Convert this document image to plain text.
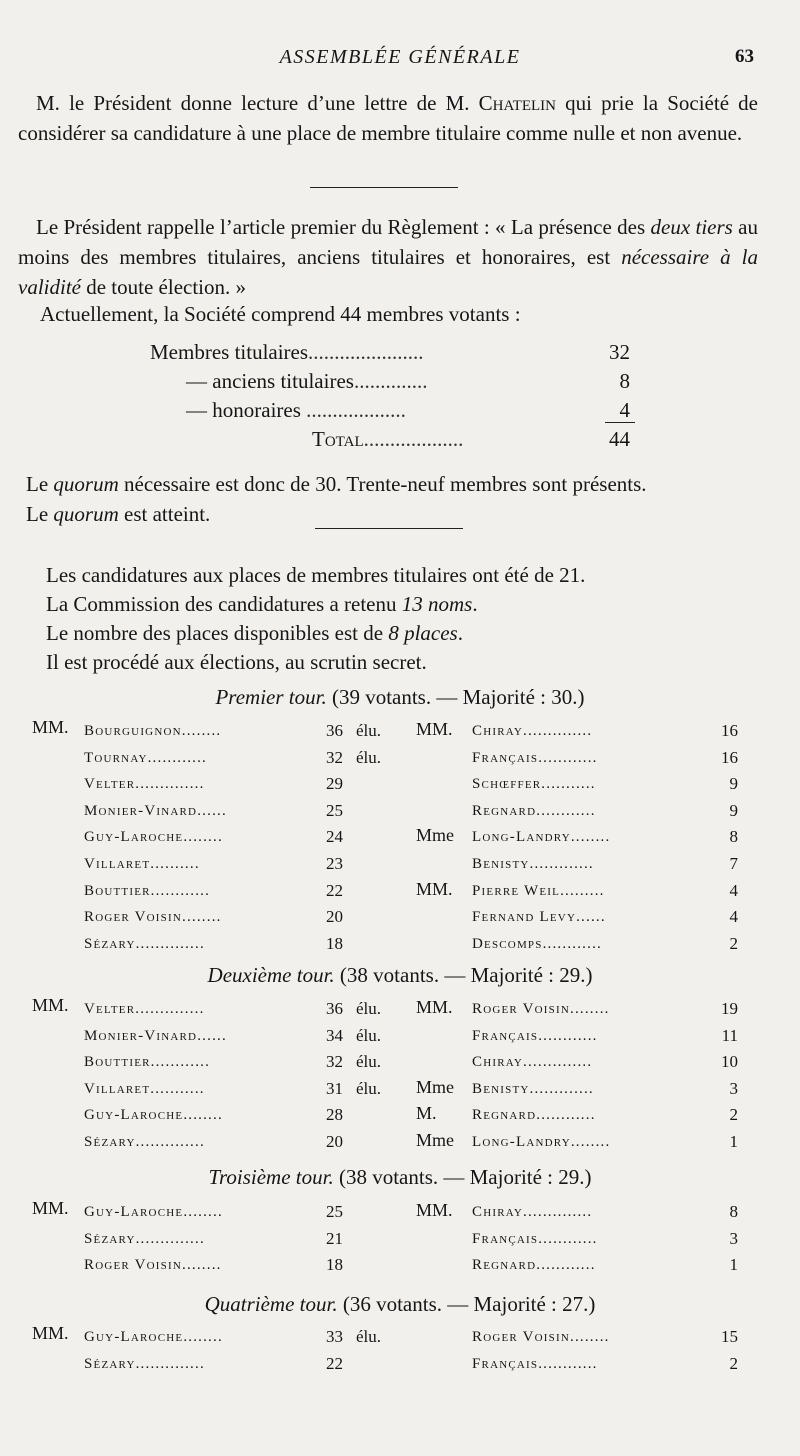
ASSEMBLÉE GÉNÉRALE	63

M. le Président donne lecture d’une lettre de M. Chatelin qui prie la Société de considérer sa candidature à une place de membre titulaire comme nulle et non avenue.

Le Président rappelle l’article premier du Règlement : « La présence des deux tiers au moins des membres titulaires, anciens titulaires et honoraires, est nécessaire à la validité de toute élection. »

Actuellement, la Société comprend 44 membres votants :

Membres titulaires......................	32
— anciens titulaires..............	8
— honoraires ...................	4
Total...................	44
Le quorum nécessaire est donc de 30. Trente-neuf membres sont présents.
Le quorum est atteint.
Les candidatures aux places de membres titulaires ont été de 21.
La Commission des candidatures a retenu 13 noms.
Le nombre des places disponibles est de 8 places.
Il est procédé aux élections, au scrutin secret.
Premier tour. (39 votants. — Majorité : 30.)
MM. Bourguignon........	36 élu.
Tournay............	32 élu.
Velter..............	29
Monier-Vinard......	25
Guy-Laroche........	24
Villaret..........	23
Bouttier............	22
Roger Voisin........	20
Sézary..............	18
MM. Chiray..............	16
Français............	16
Schœffer...........	9
Regnard............	9
Mme Long-Landry........	8
Benisty.............	7
MM. Pierre Weil.........	4
Fernand Levy......	4
Descomps............	2
Deuxième tour. (38 votants. — Majorité : 29.)
MM. Velter..............	36 élu.
Monier-Vinard......	34 élu.
Bouttier............	32 élu.
Villaret...........	31 élu.
Guy-Laroche........	28
Sézary..............	20
MM. Roger Voisin........	19
Français............	11
Chiray..............	10
Mme Benisty.............	3
M. Regnard............	2
Mme Long-Landry........	1
Troisième tour. (38 votants. — Majorité : 29.)
MM. Guy-Laroche........	25
Sézary..............	21
Roger Voisin........	18
MM. Chiray..............	8
Français............	3
Regnard............	1
Quatrième tour. (36 votants. — Majorité : 27.)
MM. Guy-Laroche........	33 élu.
Sézary..............	22
Roger Voisin........	15
Français............	2
